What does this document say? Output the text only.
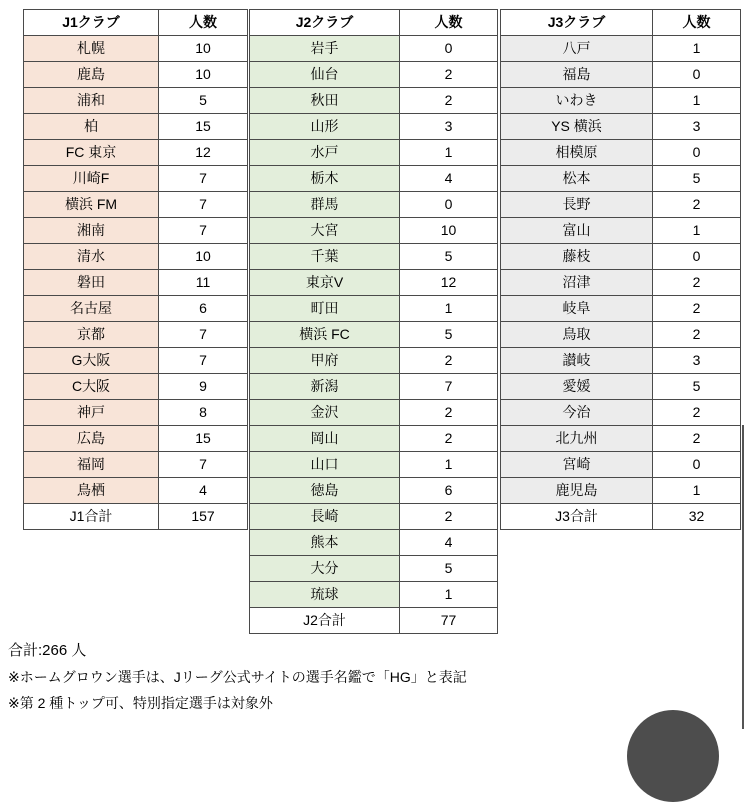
J1クラブ	人数
札幌	10
鹿島	10
浦和	5
柏	15
FC 東京	12
川崎F	7
横浜 FM	7
湘南	7
清水	10
磐田	11
名古屋	6
京都	7
G大阪	7
C大阪	9
神戸	8
広島	15
福岡	7
鳥栖	4
J1合計	157
J2クラブ	人数
岩手	0
仙台	2
秋田	2
山形	3
水戸	1
栃木	4
群馬	0
大宮	10
千葉	5
東京V	12
町田	1
横浜 FC	5
甲府	2
新潟	7
金沢	2
岡山	2
山口	1
徳島	6
長崎	2
熊本	4
大分	5
琉球	1
J2合計	77
J3クラブ	人数
八戸	1
福島	0
いわき	1
YS 横浜	3
相模原	0
松本	5
長野	2
富山	1
藤枝	0
沼津	2
岐阜	2
鳥取	2
讃岐	3
愛媛	5
今治	2
北九州	2
宮崎	0
鹿児島	1
J3合計	32
合計:266 人
※ホームグロウン選手は、Jリーグ公式サイトの選手名鑑で「HG」と表記
※第 2 種トップ可、特別指定選手は対象外
